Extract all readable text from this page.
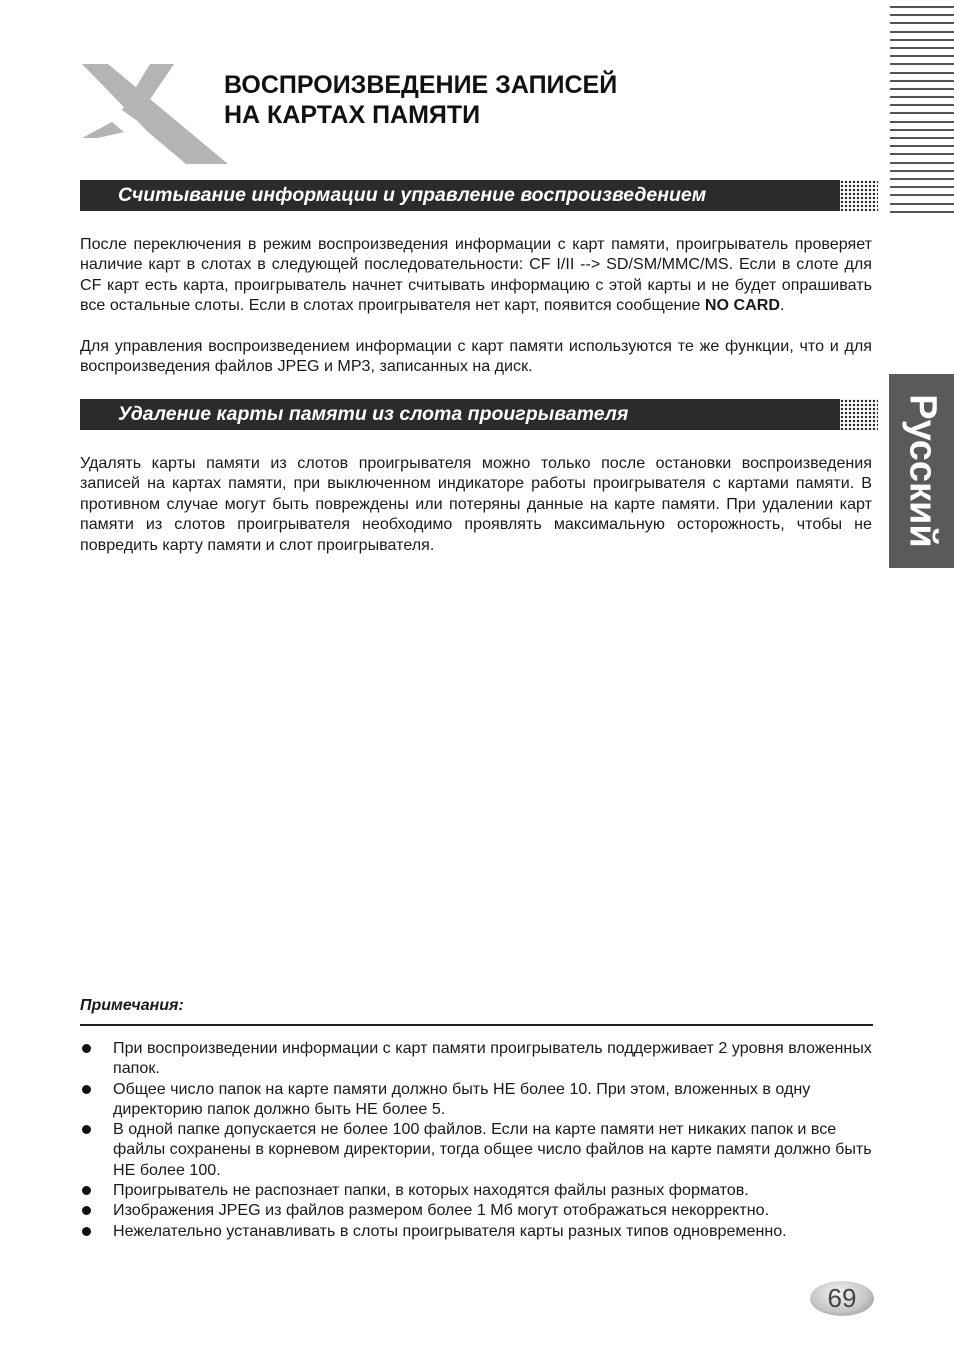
ВОСПРОИЗВЕДЕНИЕ ЗАПИСЕЙ
НА КАРТАХ ПАМЯТИ
Считывание информации и управление воспроизведением

После переключения в режим воспроизведения информации с карт памяти, проигрыватель проверяет наличие карт в слотах в следующей последовательности: CF I/II --> SD/SM/MMC/MS. Если в слоте для CF карт есть карта, проигрыватель начнет считывать информацию с этой карты и не будет опрашивать все остальные слоты. Если в слотах проигрывателя нет карт, появится сообщение NO CARD.

Для управления воспроизведением информации с карт памяти используются те же функции, что и для воспроизведения файлов JPEG и MP3, записанных на диск.

Удаление карты памяти из слота проигрывателя

Удалять карты памяти из слотов проигрывателя можно только после остановки воспроизведения записей на картах памяти, при выключенном индикаторе работы проигрывателя с картами памяти. В противном случае могут быть повреждены или потеряны данные на карте памяти. При удалении карт памяти из слотов проигрывателя необходимо проявлять максимальную осторожность, чтобы не повредить карту памяти и слот проигрывателя.	Русский
Примечания:
При воспроизведении информации с карт памяти проигрыватель поддерживает 2 уровня вложенных папок.
Общее число папок на карте памяти должно быть НЕ более 10. При этом, вложенных в одну директорию папок должно быть НЕ более 5.
В одной папке допускается не более 100 файлов. Если на карте памяти нет никаких папок и все файлы сохранены в корневом директории, тогда общее число файлов на карте памяти должно быть НЕ более 100.
Проигрыватель не распознает папки, в которых находятся файлы разных форматов.
Изображения JPEG из файлов размером более 1 Мб могут отображаться некорректно.
Нежелательно устанавливать в слоты проигрывателя карты разных типов одновременно.
69
